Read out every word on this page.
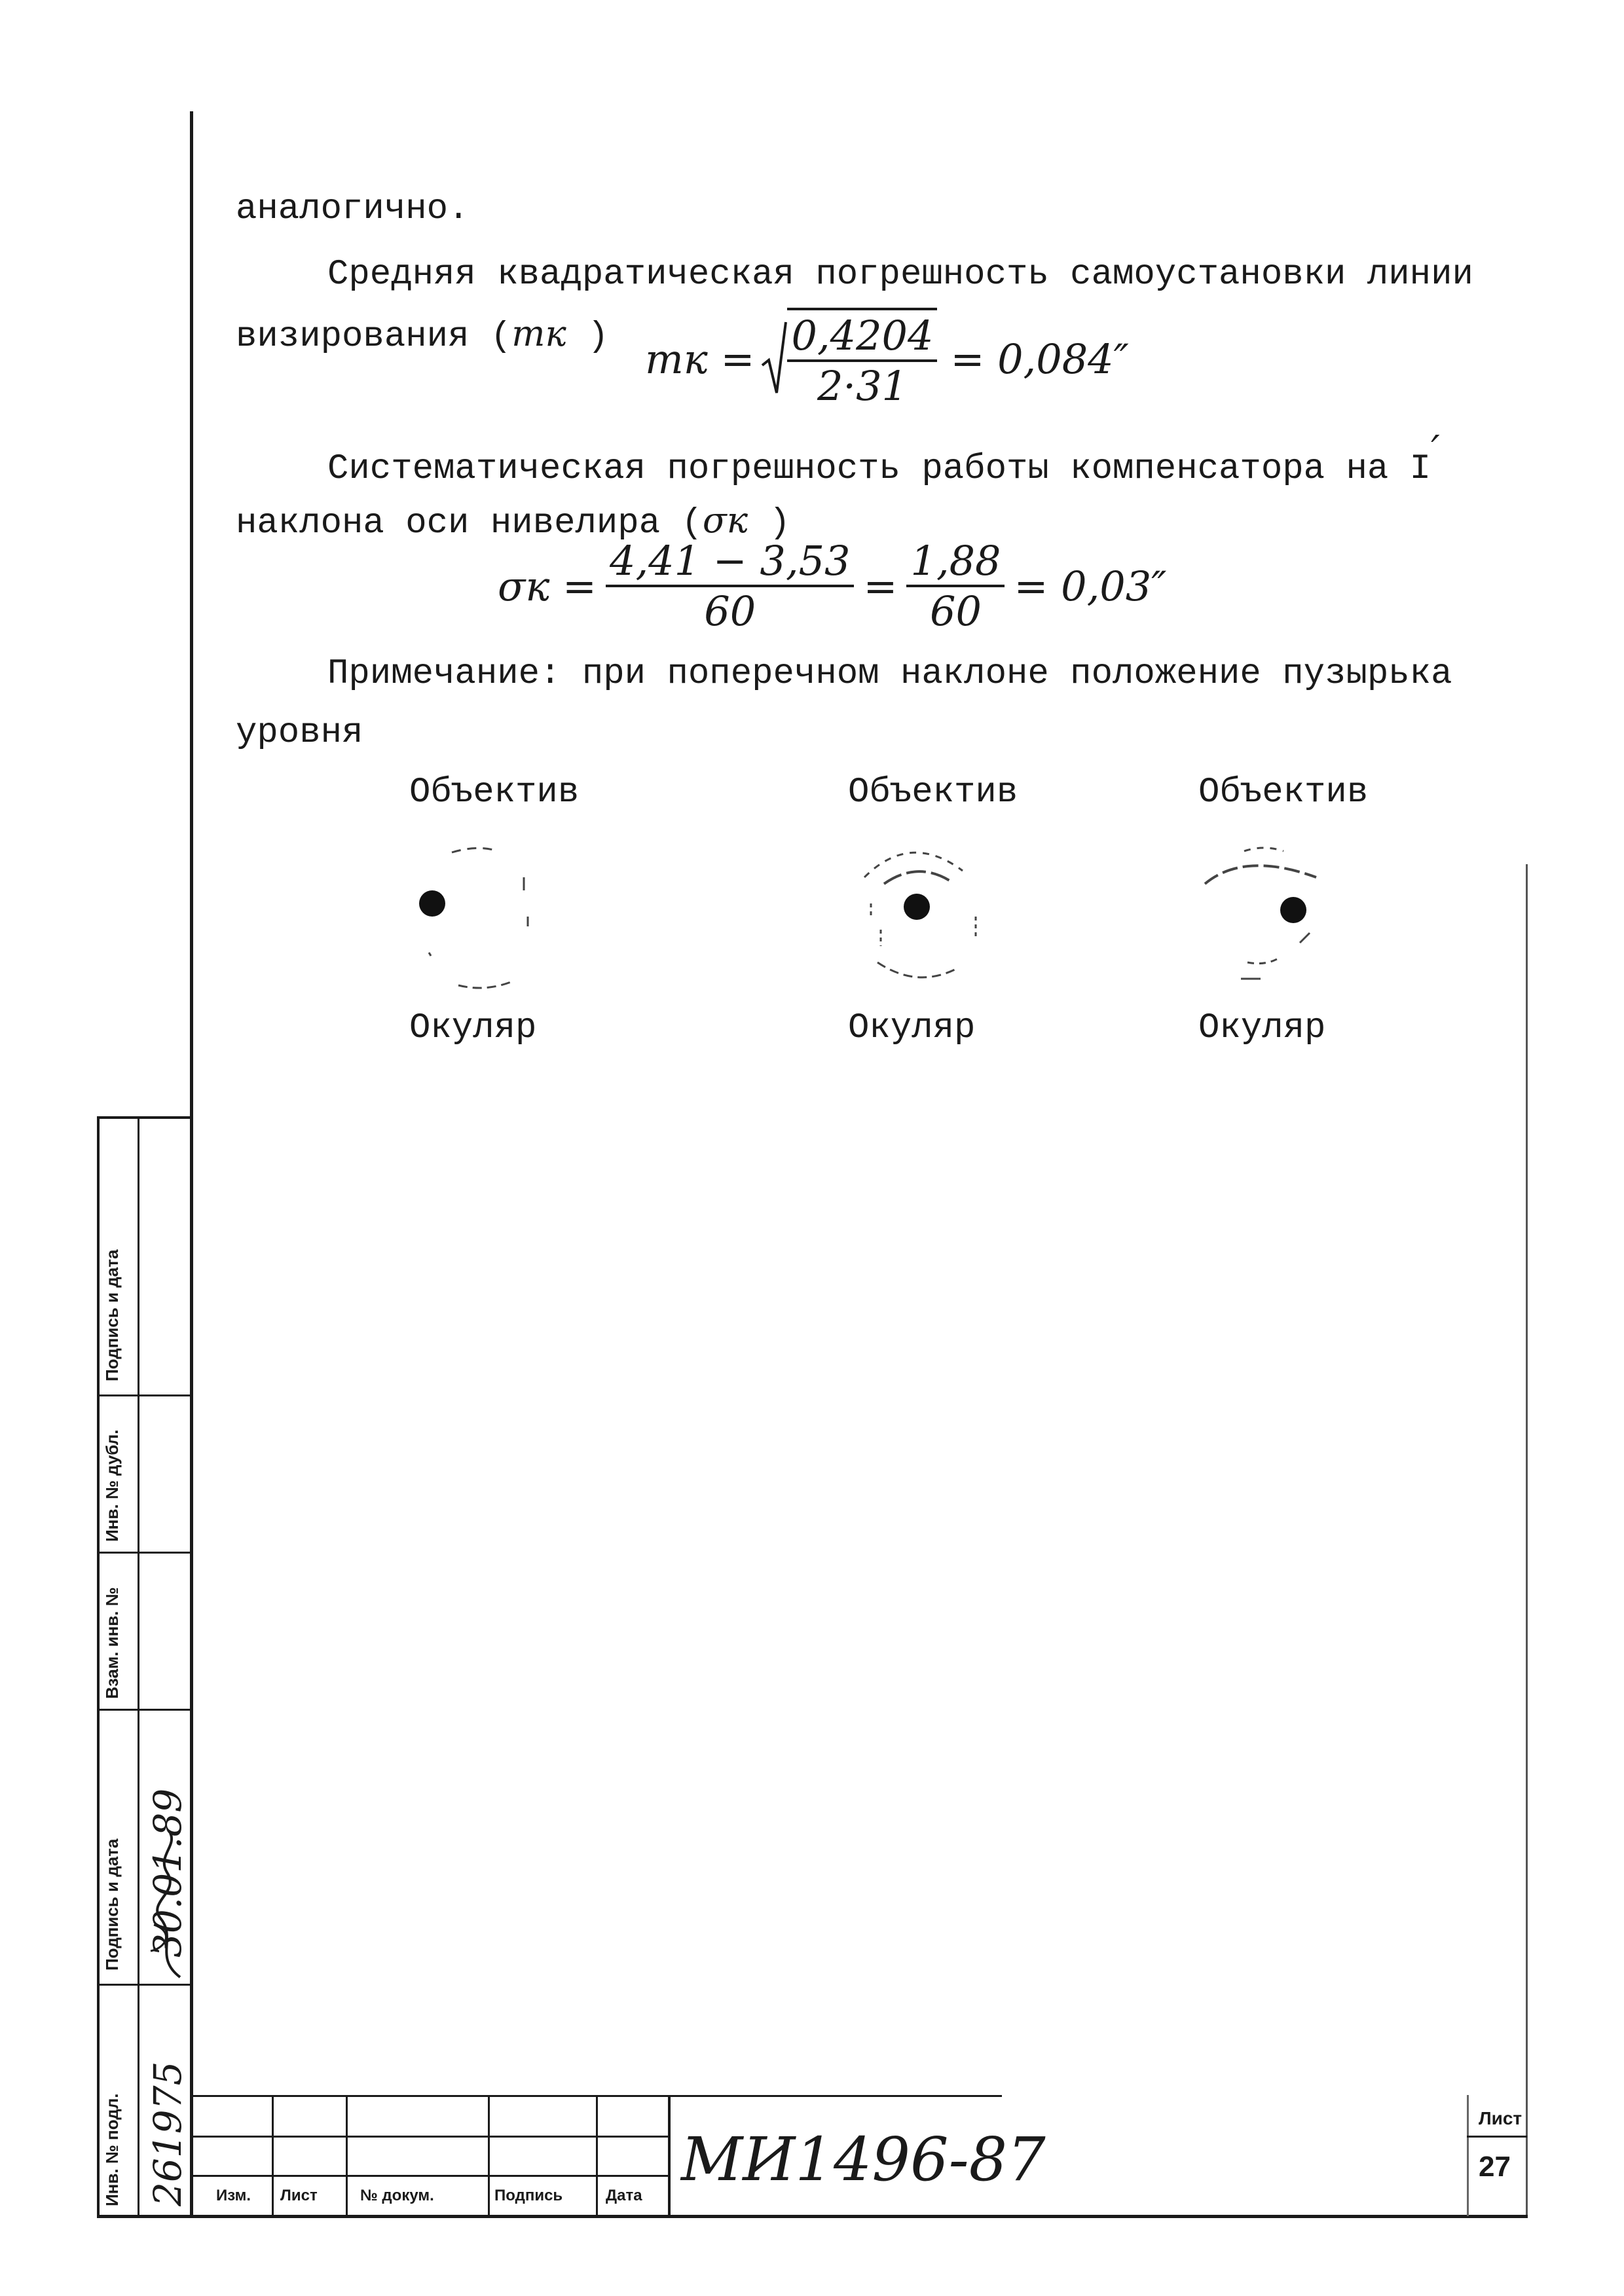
Подпись и дата
Инв. № дубл.
Взам. инв. №
Подпись и дата
Инв. № подл. 261975
30.01.89
аналогично.
Средняя квадратическая погрешность самоустановки линии
визирования (mк ) mк = $\frac{0,4204}{2\cdot 31} = 0,084''$
Систематическая погрешность работы компенсатора на I′
наклона оси нивелира (σк )
$\sigma к = \frac{4,41 - 3,53}{60} = \frac{1,88}{60} = 0,03''$
Примечание: при поперечном наклоне положение пузырька
уровня
Объектив
Окуляр
Объектив
Окуляр
Объектив
Окуляр
Изм. Лист	№ докум.	Подпись	Дата
МИ1496-87
Лист
27
